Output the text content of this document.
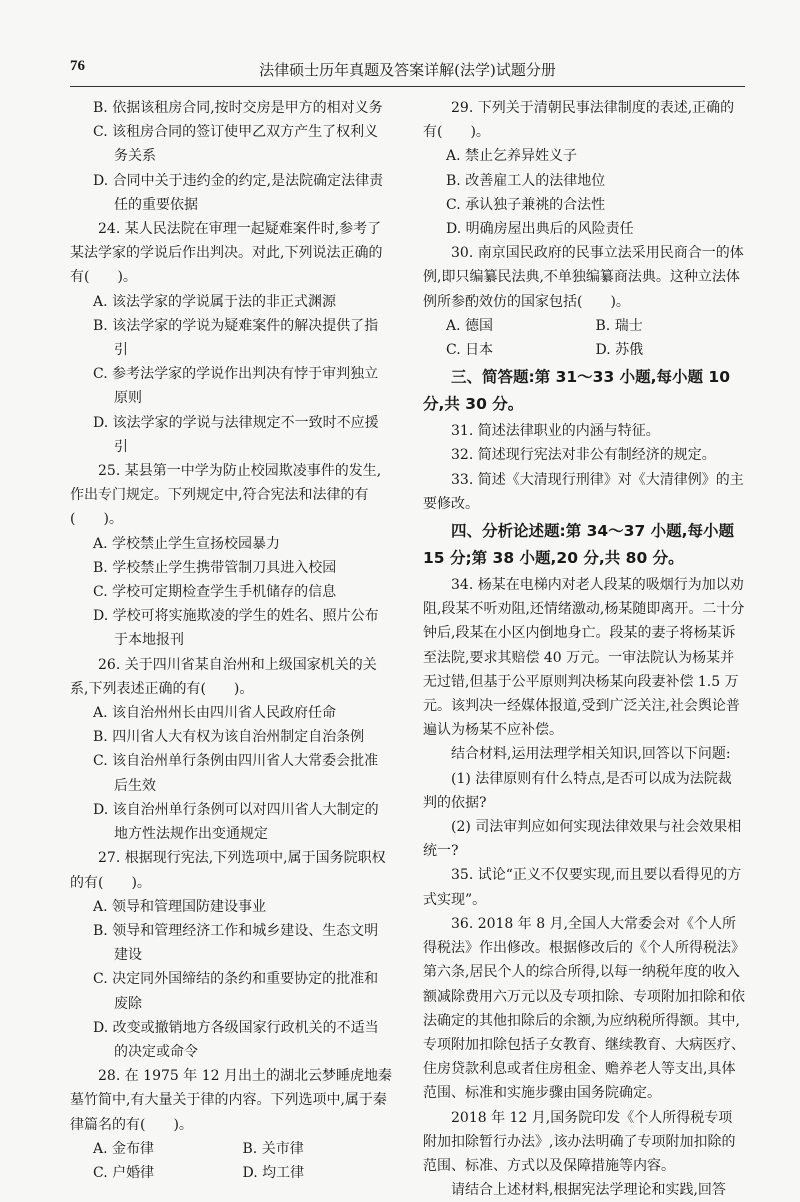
76	法律硕士历年真题及答案详解(法学)试题分册

B. 依据该租房合同,按时交房是甲方的相对义务

C. 该租房合同的签订使甲乙双方产生了权利义务关系

D. 合同中关于违约金的约定,是法院确定法律责任的重要依据

24. 某人民法院在审理一起疑难案件时,参考了某法学家的学说后作出判决。对此,下列说法正确的有(　　)。

A. 该法学家的学说属于法的非正式渊源

B. 该法学家的学说为疑难案件的解决提供了指引

C. 参考法学家的学说作出判决有悖于审判独立原则

D. 该法学家的学说与法律规定不一致时不应援引

25. 某县第一中学为防止校园欺凌事件的发生,作出专门规定。下列规定中,符合宪法和法律的有(　　)。

A. 学校禁止学生宣扬校园暴力

B. 学校禁止学生携带管制刀具进入校园

C. 学校可定期检查学生手机储存的信息

D. 学校可将实施欺凌的学生的姓名、照片公布于本地报刊

26. 关于四川省某自治州和上级国家机关的关系,下列表述正确的有(　　)。

A. 该自治州州长由四川省人民政府任命

B. 四川省人大有权为该自治州制定自治条例

C. 该自治州单行条例由四川省人大常委会批准后生效

D. 该自治州单行条例可以对四川省人大制定的地方性法规作出变通规定

27. 根据现行宪法,下列选项中,属于国务院职权的有(　　)。

A. 领导和管理国防建设事业

B. 领导和管理经济工作和城乡建设、生态文明建设

C. 决定同外国缔结的条约和重要协定的批准和废除

D. 改变或撤销地方各级国家行政机关的不适当的决定或命令

28. 在 1975 年 12 月出土的湖北云梦睡虎地秦墓竹简中,有大量关于律的内容。下列选项中,属于秦律篇名的有(　　)。

A. 金布律	B. 关市律

C. 户婚律	D. 均工律

29. 下列关于清朝民事法律制度的表述,正确的有(　　)。

A. 禁止乞养异姓义子

B. 改善雇工人的法律地位

C. 承认独子兼祧的合法性

D. 明确房屋出典后的风险责任

30. 南京国民政府的民事立法采用民商合一的体例,即只编纂民法典,不单独编纂商法典。这种立法体例所参酌效仿的国家包括(　　)。

A. 德国	B. 瑞士

C. 日本	D. 苏俄

三、简答题:第 31～33 小题,每小题 10 分,共 30 分。

31. 简述法律职业的内涵与特征。

32. 简述现行宪法对非公有制经济的规定。

33. 简述《大清现行刑律》对《大清律例》的主要修改。

四、分析论述题:第 34～37 小题,每小题 15 分;第 38 小题,20 分,共 80 分。

34. 杨某在电梯内对老人段某的吸烟行为加以劝阻,段某不听劝阻,还情绪激动,杨某随即离开。二十分钟后,段某在小区内倒地身亡。段某的妻子将杨某诉至法院,要求其赔偿 40 万元。一审法院认为杨某并无过错,但基于公平原则判决杨某向段妻补偿 1.5 万元。该判决一经媒体报道,受到广泛关注,社会舆论普遍认为杨某不应补偿。

结合材料,运用法理学相关知识,回答以下问题:

(1) 法律原则有什么特点,是否可以成为法院裁判的依据?

(2) 司法审判应如何实现法律效果与社会效果相统一?

35. 试论“正义不仅要实现,而且要以看得见的方式实现”。

36. 2018 年 8 月,全国人大常委会对《个人所得税法》作出修改。根据修改后的《个人所得税法》第六条,居民个人的综合所得,以每一纳税年度的收入额减除费用六万元以及专项扣除、专项附加扣除和依法确定的其他扣除后的余额,为应纳税所得额。其中,专项附加扣除包括子女教育、继续教育、大病医疗、住房贷款利息或者住房租金、赡养老人等支出,具体范围、标准和实施步骤由国务院确定。

2018 年 12 月,国务院印发《个人所得税专项附加扣除暂行办法》,该办法明确了专项附加扣除的范围、标准、方式以及保障措施等内容。

请结合上述材料,根据宪法学理论和实践,回答
